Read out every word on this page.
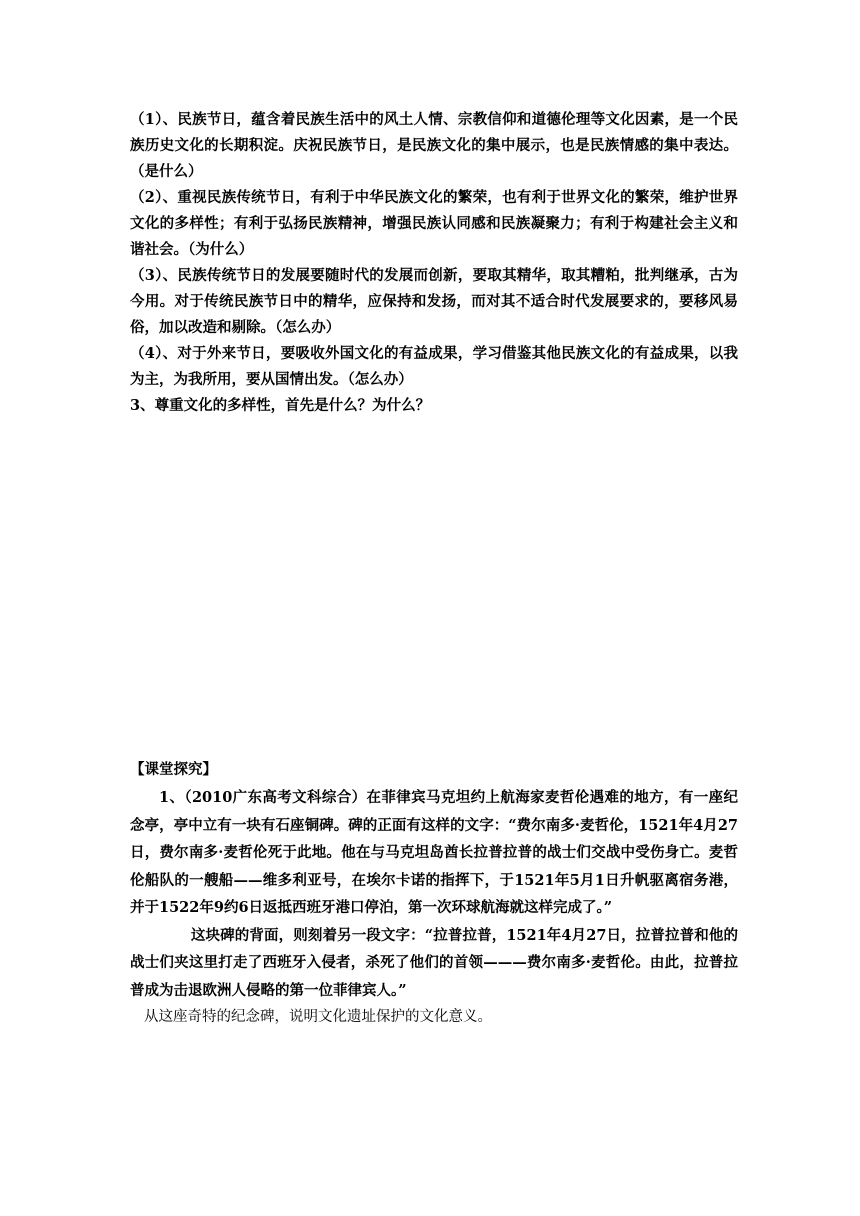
（1）、民族节日，蕴含着民族生活中的风土人情、宗教信仰和道德伦理等文化因素，是一个民族历史文化的长期积淀。庆祝民族节日，是民族文化的集中展示，也是民族情感的集中表达。（是什么）

（2）、重视民族传统节日，有利于中华民族文化的繁荣，也有利于世界文化的繁荣，维护世界文化的多样性；有利于弘扬民族精神，增强民族认同感和民族凝聚力；有利于构建社会主义和谐社会。（为什么）

（3）、民族传统节日的发展要随时代的发展而创新，要取其精华，取其糟粕，批判继承，古为今用。对于传统民族节日中的精华，应保持和发扬，而对其不适合时代发展要求的，要移风易俗，加以改造和剔除。（怎么办）

（4）、对于外来节日，要吸收外国文化的有益成果，学习借鉴其他民族文化的有益成果，以我为主，为我所用，要从国情出发。（怎么办）

3、尊重文化的多样性，首先是什么？为什么？

【课堂探究】

1、（2010广东高考文科综合）在菲律宾马克坦约上航海家麦哲伦遇难的地方，有一座纪念亭，亭中立有一块有石座铜碑。碑的正面有这样的文字：“费尔南多·麦哲伦，1521年4月27日，费尔南多·麦哲伦死于此地。他在与马克坦岛酋长拉普拉普的战士们交战中受伤身亡。麦哲伦船队的一艘船——维多利亚号，在埃尔卡诺的指挥下，于1521年5月1日升帆驱离宿务港，并于1522年9约6日返抵西班牙港口停泊，第一次环球航海就这样完成了。”

这块碑的背面，则刻着另一段文字：“拉普拉普，1521年4月27日，拉普拉普和他的战士们夹这里打走了西班牙入侵者，杀死了他们的首领———费尔南多·麦哲伦。由此，拉普拉普成为击退欧洲人侵略的第一位菲律宾人。”

从这座奇特的纪念碑，说明文化遗址保护的文化意义。
